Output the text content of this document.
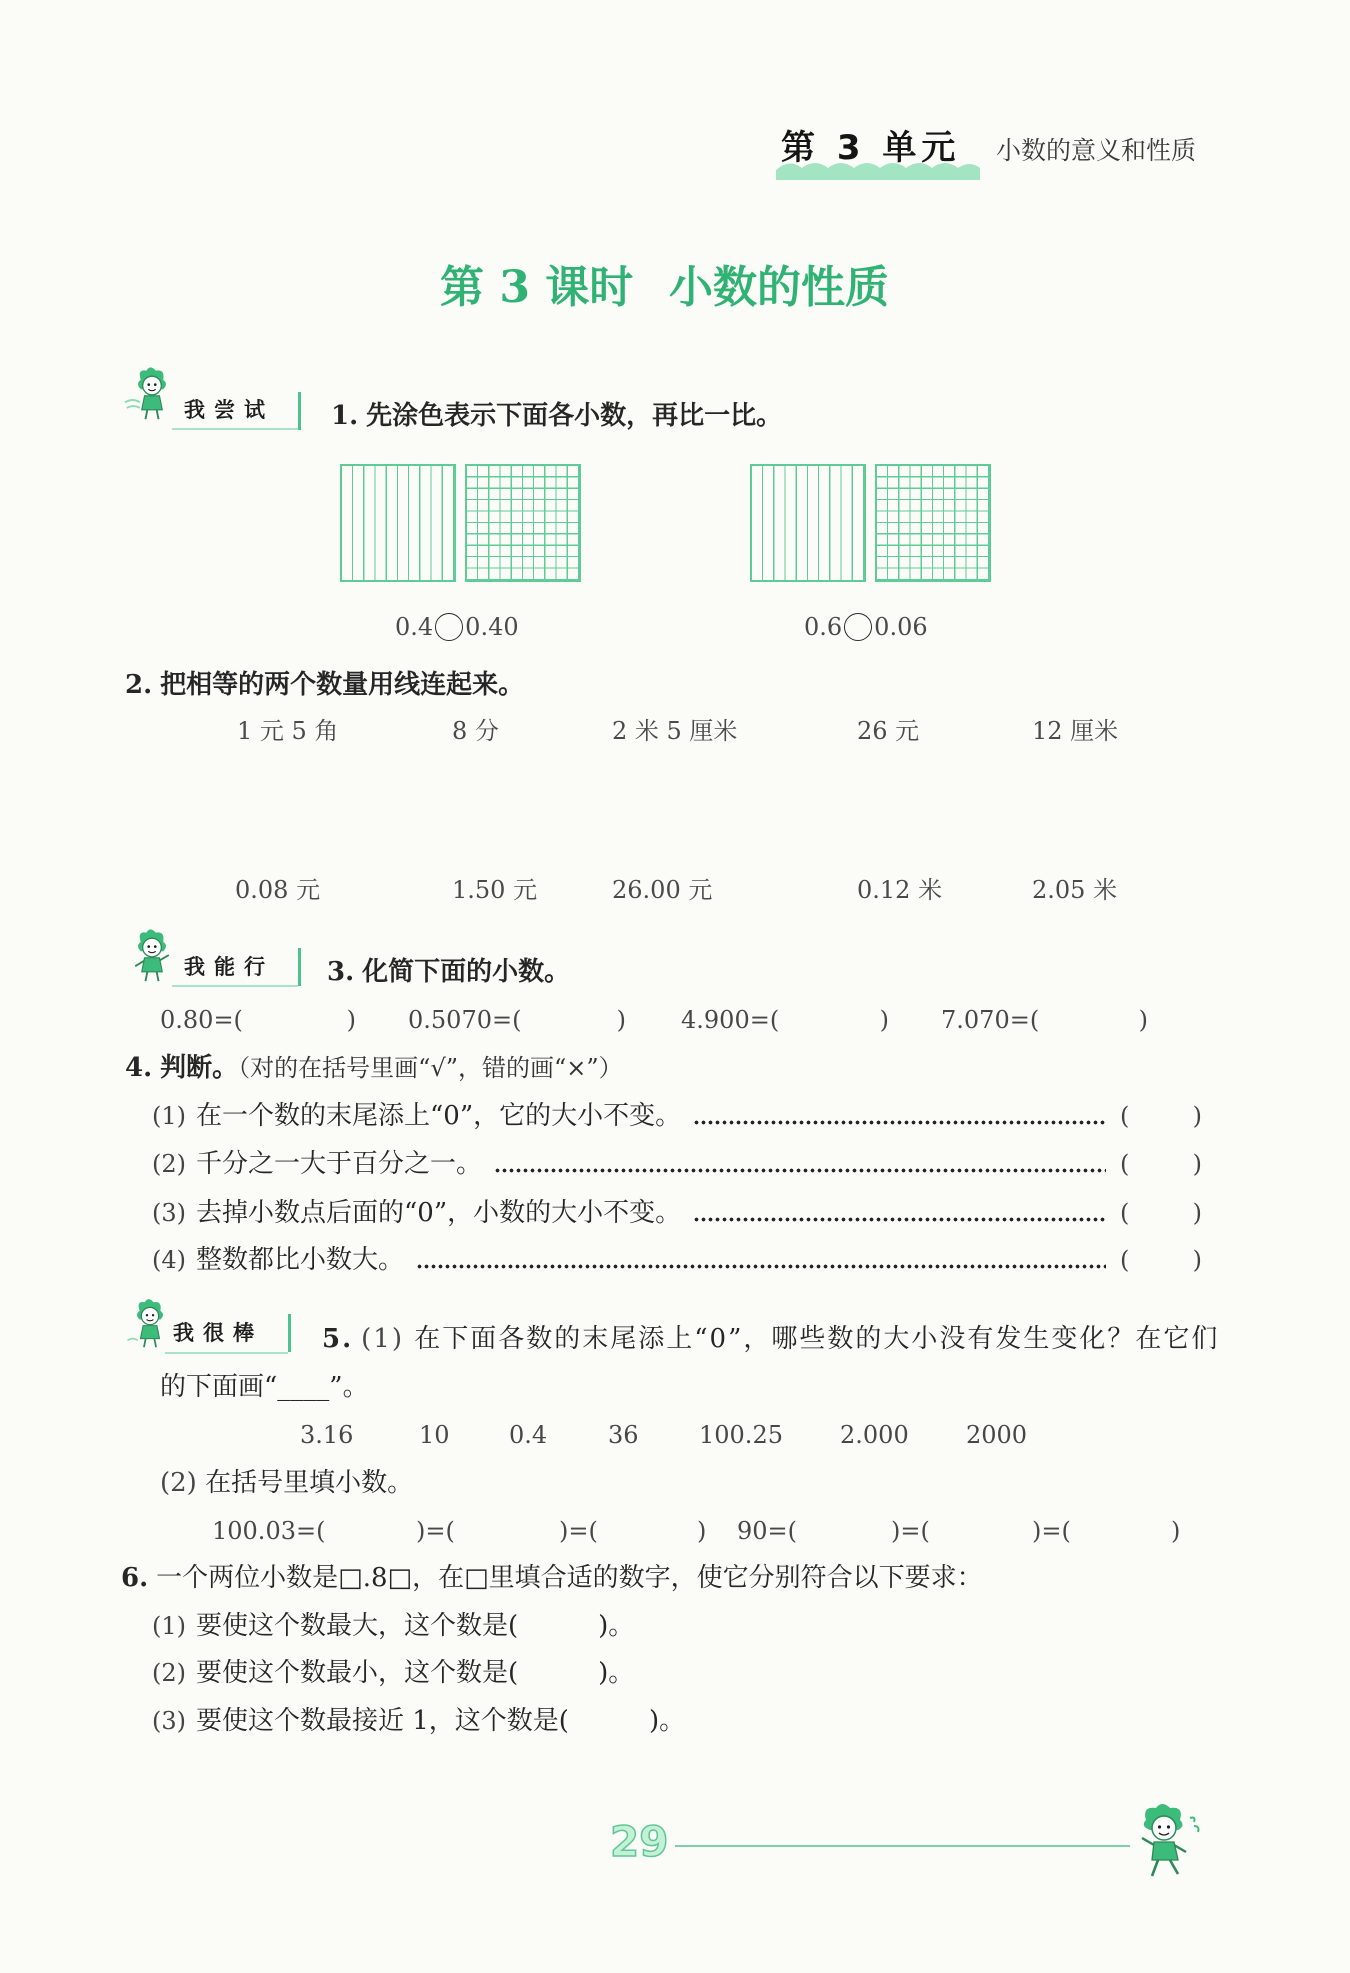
第 3 单元 小数的意义和性质
第 3 课时 小数的性质
我尝试 1. 先涂色表示下面各小数，再比一比。
0.4 0.40	0.6 0.06
2. 把相等的两个数量用线连起来。
1 元 5 角	8 分	2 米 5 厘米	26 元	12 厘米
0.08 元	1.50 元	26.00 元	0.12 米	2.05 米
我能行 3. 化简下面的小数。
0.80=(	) 0.5070=(	) 4.900=(	) 7.070=(	)
4. 判断。（对的在括号里画“√”，错的画“×”）
(1) 在一个数的末尾添上“0”，它的大小不变。	(	)
(2) 千分之一大于百分之一。	(	)
(3) 去掉小数点后面的“0”，小数的大小不变。	(	)
(4) 整数都比小数大。	(	)
我很棒 5. (1) 在下面各数的末尾添上“0”，哪些数的大小没有发生变化？在它们
的下面画“____”。
3.16	10 0.4	36	100.25 2.000 2000
(2) 在括号里填小数。
100.03=(	)=(	)=(	) 90=(	)=(	)=(	)
6. 一个两位小数是□.8□，在□里填合适的数字，使它分别符合以下要求：
(1) 要使这个数最大，这个数是(	)。
(2) 要使这个数最小，这个数是(	)。
(3) 要使这个数最接近 1，这个数是(	)。
29
